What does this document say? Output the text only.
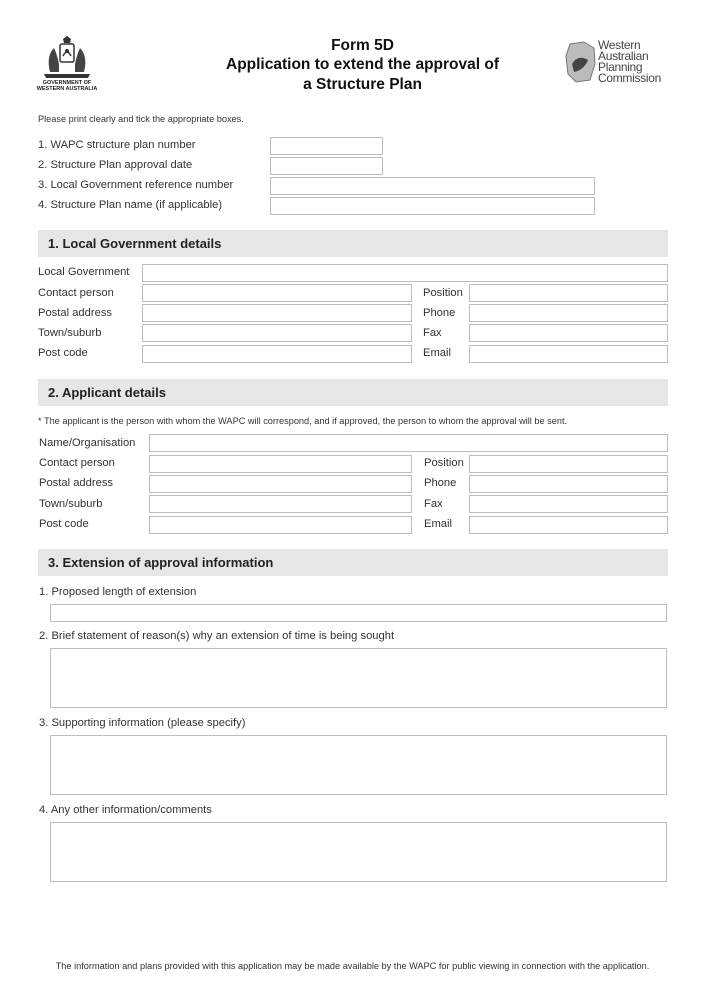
GOVERNMENT OF
WESTERN AUSTRALIA
Form 5D
Application to extend the approval of
a Structure Plan
Western
Australian
Planning
Commission
Please print clearly and tick the appropriate boxes.
1. WAPC structure plan number
2. Structure Plan approval date
3. Local Government reference number
4. Structure Plan name (if applicable)
1. Local Government details
Local Government
Contact person	Position
Postal address	Phone
Town/suburb	Fax
Post code	Email
2. Applicant details
* The applicant is the person with whom the WAPC will correspond, and if approved, the person to whom the approval will be sent.
Name/Organisation
Contact person	Position
Postal address	Phone
Town/suburb	Fax
Post code	Email
3. Extension of approval information
1. Proposed length of extension
2. Brief statement of reason(s) why an extension of time is being sought
3. Supporting information (please specify)
4. Any other information/comments
The information and plans provided with this application may be made available by the WAPC for public viewing in connection with the application.
